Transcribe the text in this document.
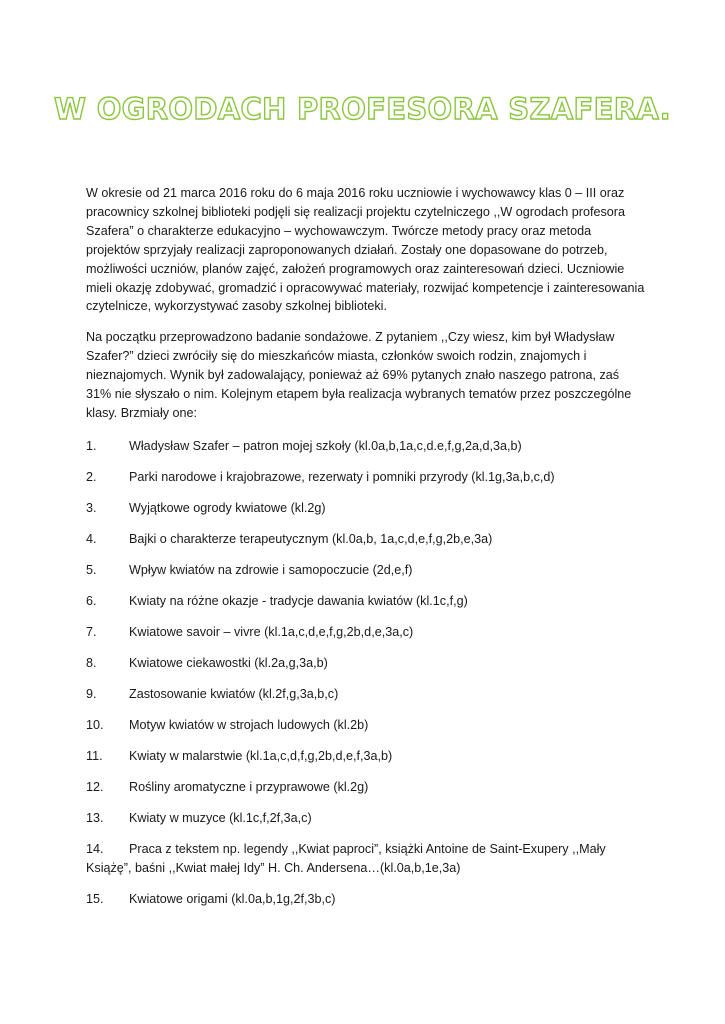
W OGRODACH PROFESORA SZAFERA.

W okresie od 21 marca 2016 roku do 6 maja 2016 roku uczniowie i wychowawcy klas 0 – III oraz pracownicy szkolnej biblioteki podjęli się realizacji projektu czytelniczego ,,W ogrodach profesora Szafera” o charakterze edukacyjno – wychowawczym. Twórcze metody pracy oraz metoda projektów sprzyjały realizacji zaproponowanych działań. Zostały one dopasowane do potrzeb, możliwości uczniów, planów zajęć, założeń programowych oraz zainteresowań dzieci. Uczniowie mieli okazję zdobywać, gromadzić i opracowywać materiały, rozwijać kompetencje i zainteresowania czytelnicze, wykorzystywać zasoby szkolnej biblioteki.

Na początku przeprowadzono badanie sondażowe. Z pytaniem ,,Czy wiesz, kim był Władysław Szafer?” dzieci zwróciły się do mieszkańców miasta, członków swoich rodzin, znajomych i nieznajomych. Wynik był zadowalający, ponieważ aż 69% pytanych znało naszego patrona, zaś 31% nie słyszało o nim. Kolejnym etapem była realizacja wybranych tematów przez poszczególne klasy. Brzmiały one:

1.	Władysław Szafer – patron mojej szkoły (kl.0a,b,1a,c,d.e,f,g,2a,d,3a,b)
2.	Parki narodowe i krajobrazowe, rezerwaty i pomniki przyrody (kl.1g,3a,b,c,d)
3.	Wyjątkowe ogrody kwiatowe (kl.2g)
4.	Bajki o charakterze terapeutycznym (kl.0a,b, 1a,c,d,e,f,g,2b,e,3a)
5.	Wpływ kwiatów na zdrowie i samopoczucie (2d,e,f)
6.	Kwiaty na różne okazje - tradycje dawania kwiatów (kl.1c,f,g)
7.	Kwiatowe savoir – vivre (kl.1a,c,d,e,f,g,2b,d,e,3a,c)
8.	Kwiatowe ciekawostki (kl.2a,g,3a,b)
9.	Zastosowanie kwiatów (kl.2f,g,3a,b,c)
10.	Motyw kwiatów w strojach ludowych (kl.2b)
11.	Kwiaty w malarstwie (kl.1a,c,d,f,g,2b,d,e,f,3a,b)
12.	Rośliny aromatyczne i przyprawowe (kl.2g)
13.	Kwiaty w muzyce (kl.1c,f,2f,3a,c)
14.	Praca z tekstem np. legendy ,,Kwiat paproci”, książki Antoine de Saint-Exupery ,,Mały Książę”, baśni ,,Kwiat małej Idy” H. Ch. Andersena…(kl.0a,b,1e,3a)
15.	Kwiatowe origami (kl.0a,b,1g,2f,3b,c)
